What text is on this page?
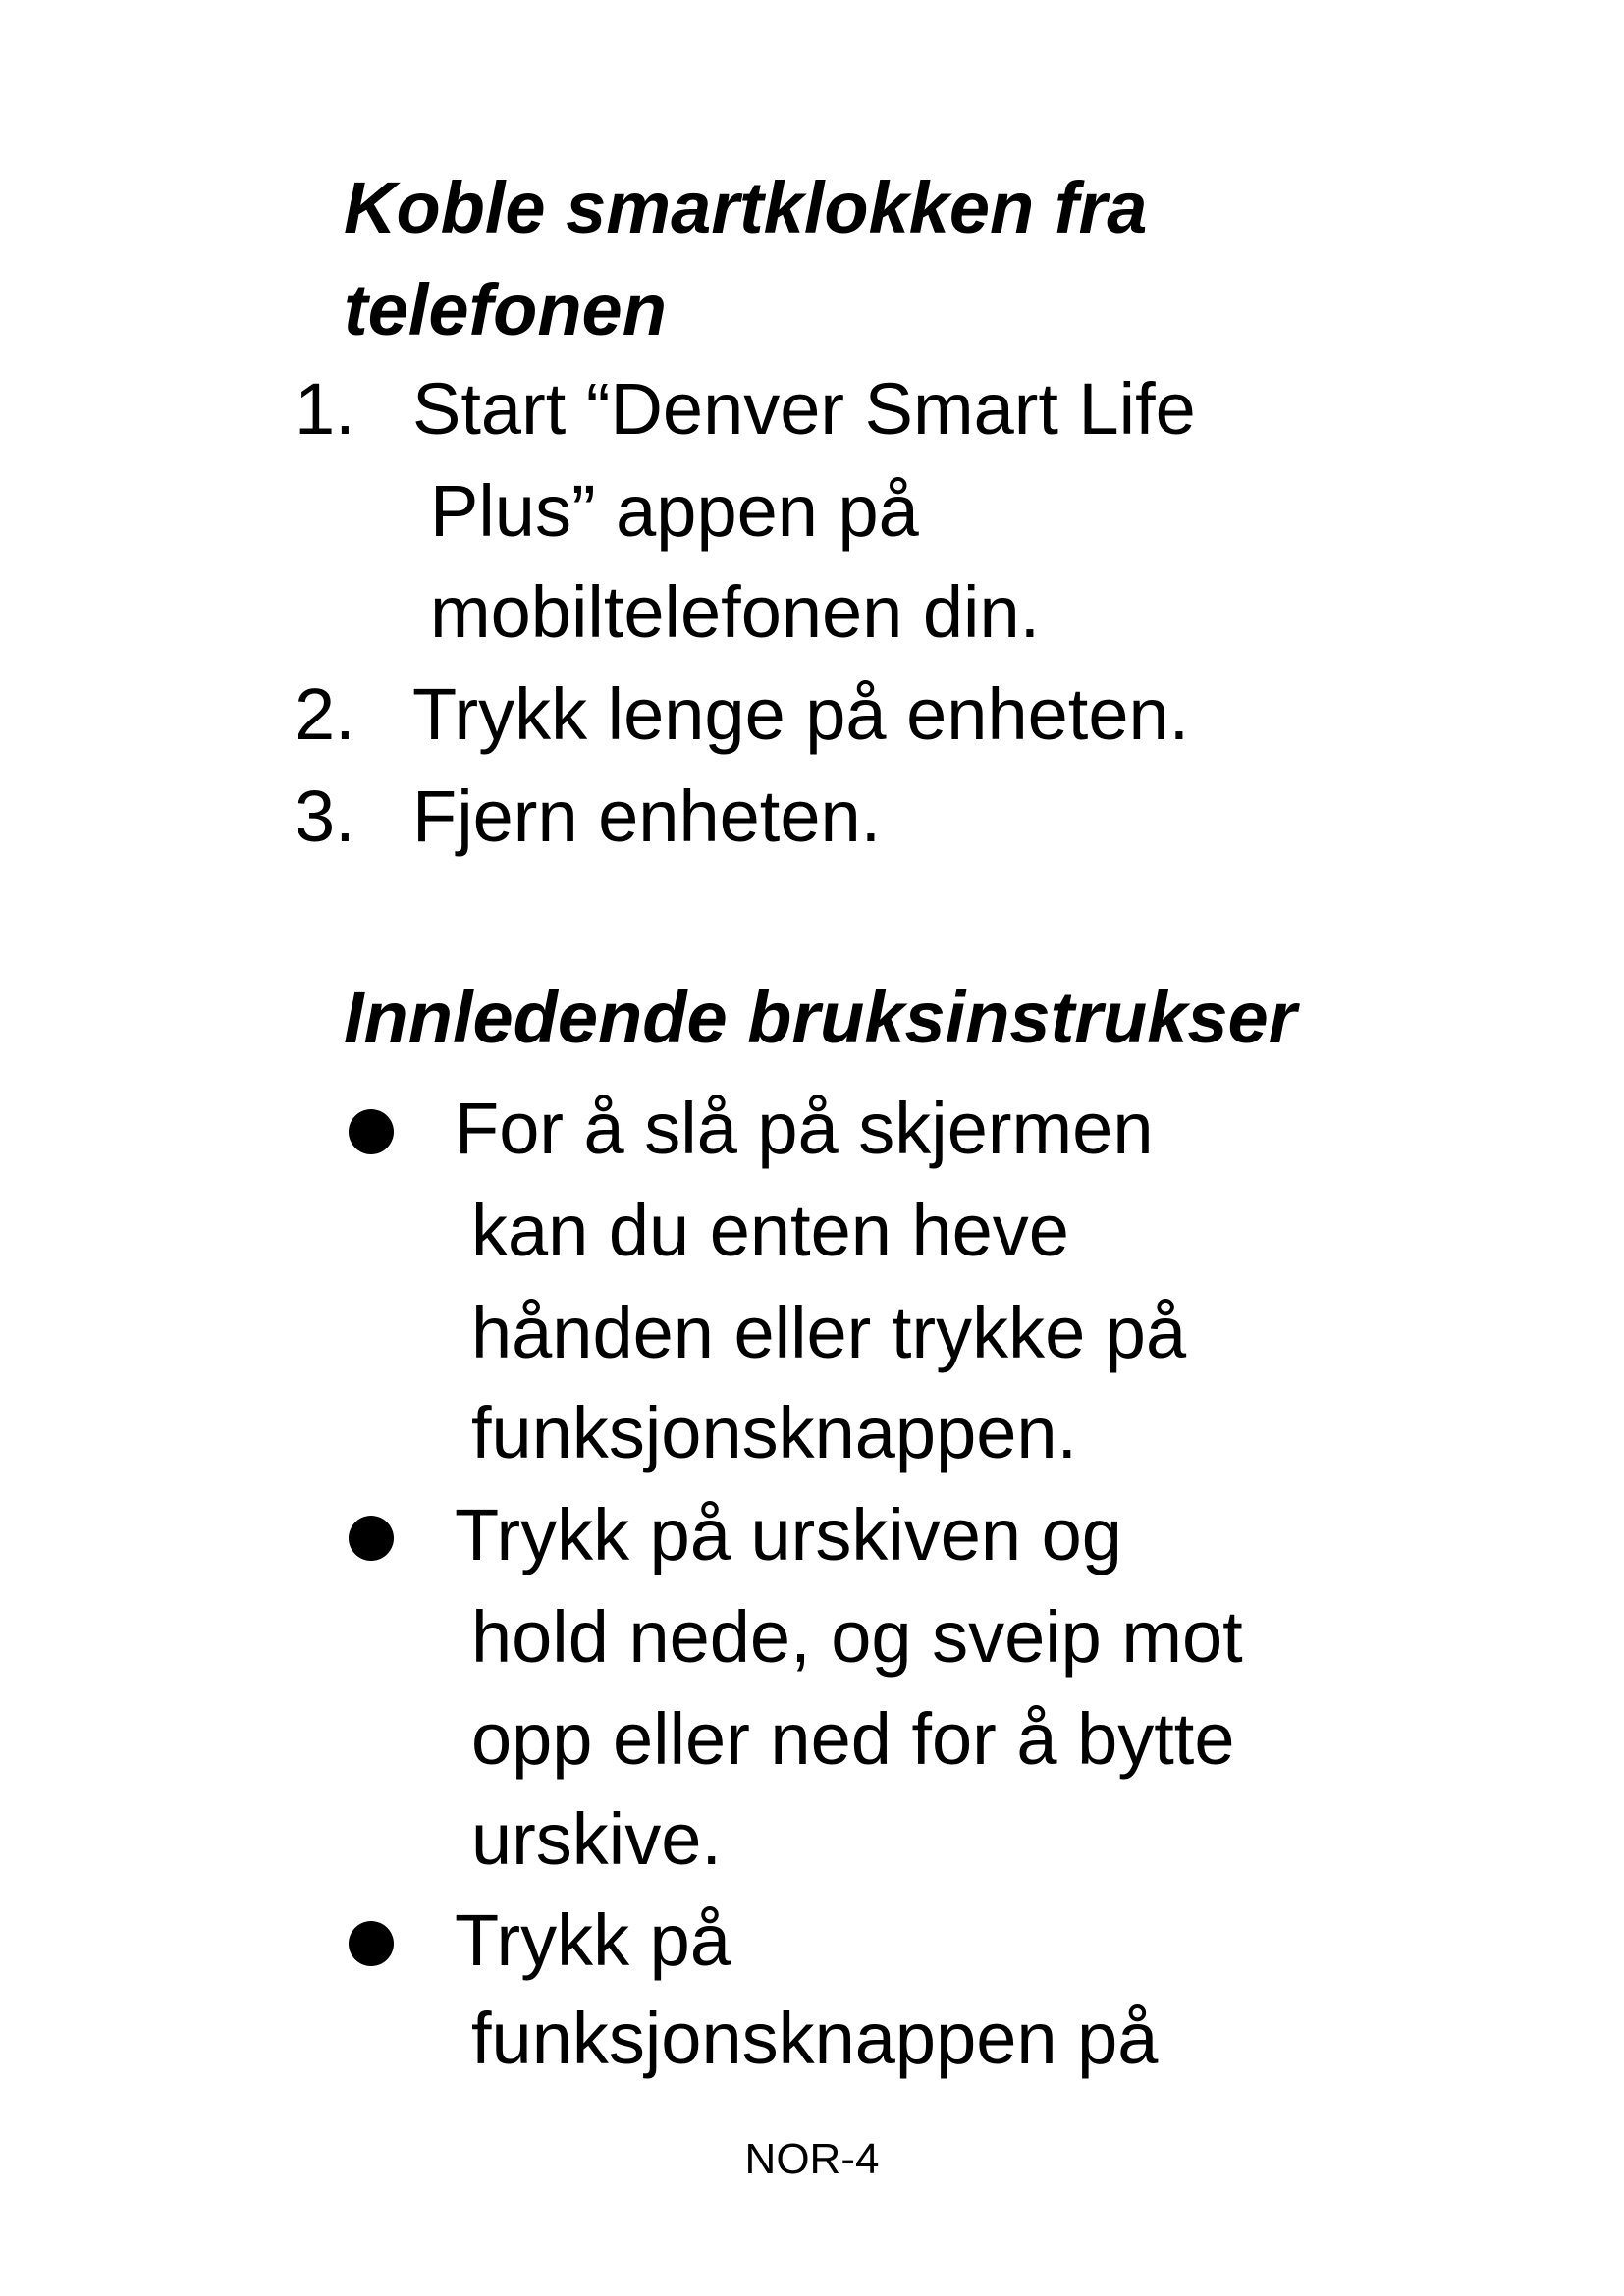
Koble smartklokken fra
telefonen
1. Start “Denver Smart Life
Plus” appen på
mobiltelefonen din.
2. Trykk lenge på enheten.
3. Fjern enheten.
Innledende bruksinstrukser
For å slå på skjermen
kan du enten heve
hånden eller trykke på
funksjonsknappen.
Trykk på urskiven og
hold nede, og sveip mot
opp eller ned for å bytte
urskive.
Trykk på
funksjonsknappen på
NOR-4
